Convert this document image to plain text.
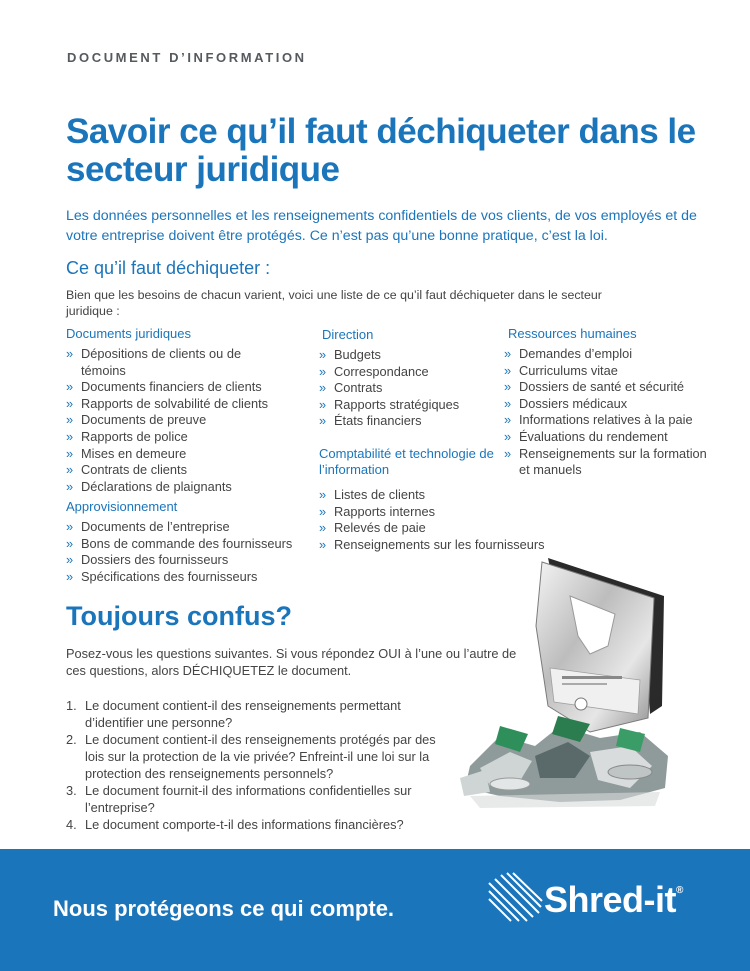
DOCUMENT D’INFORMATION
Savoir ce qu’il faut déchiqueter dans le secteur juridique

Les données personnelles et les renseignements confidentiels de vos clients, de vos employés et de votre entreprise doivent être protégés. Ce n’est pas qu’une bonne pratique, c’est la loi.

Ce qu’il faut déchiqueter :

Bien que les besoins de chacun varient, voici une liste de ce qu’il faut déchiqueter dans le secteur juridique :

Documents juridiques
» Dépositions de clients ou de témoins
» Documents financiers de clients
» Rapports de solvabilité de clients
» Documents de preuve
» Rapports de police
» Mises en demeure
» Contrats de clients
» Déclarations de plaignants
Approvisionnement
» Documents de l’entreprise
» Bons de commande des fournisseurs
» Dossiers des fournisseurs
» Spécifications des fournisseurs
Direction
» Budgets
» Correspondance
» Contrats
» Rapports stratégiques
» États financiers
Comptabilité et technologie de l’information
» Listes de clients
» Rapports internes
» Relevés de paie
» Renseignements sur les fournisseurs
Ressources humaines
» Demandes d’emploi
» Curriculums vitae
» Dossiers de santé et sécurité
» Dossiers médicaux
» Informations relatives à la paie
» Évaluations du rendement
» Renseignements sur la formation et manuels
Toujours confus?

Posez-vous les questions suivantes. Si vous répondez OUI à l’une ou l’autre de ces questions, alors DÉCHIQUETEZ le document.

1. Le document contient-il des renseignements permettant d’identifier une personne?
2. Le document contient-il des renseignements protégés par des lois sur la protection de la vie privée? Enfreint-il une loi sur la protection des renseignements personnels?
3. Le document fournit-il des informations confidentielles sur l’entreprise?
4. Le document comporte-t-il des informations financières?
Nous protégeons ce qui compte.	Shred-it®
